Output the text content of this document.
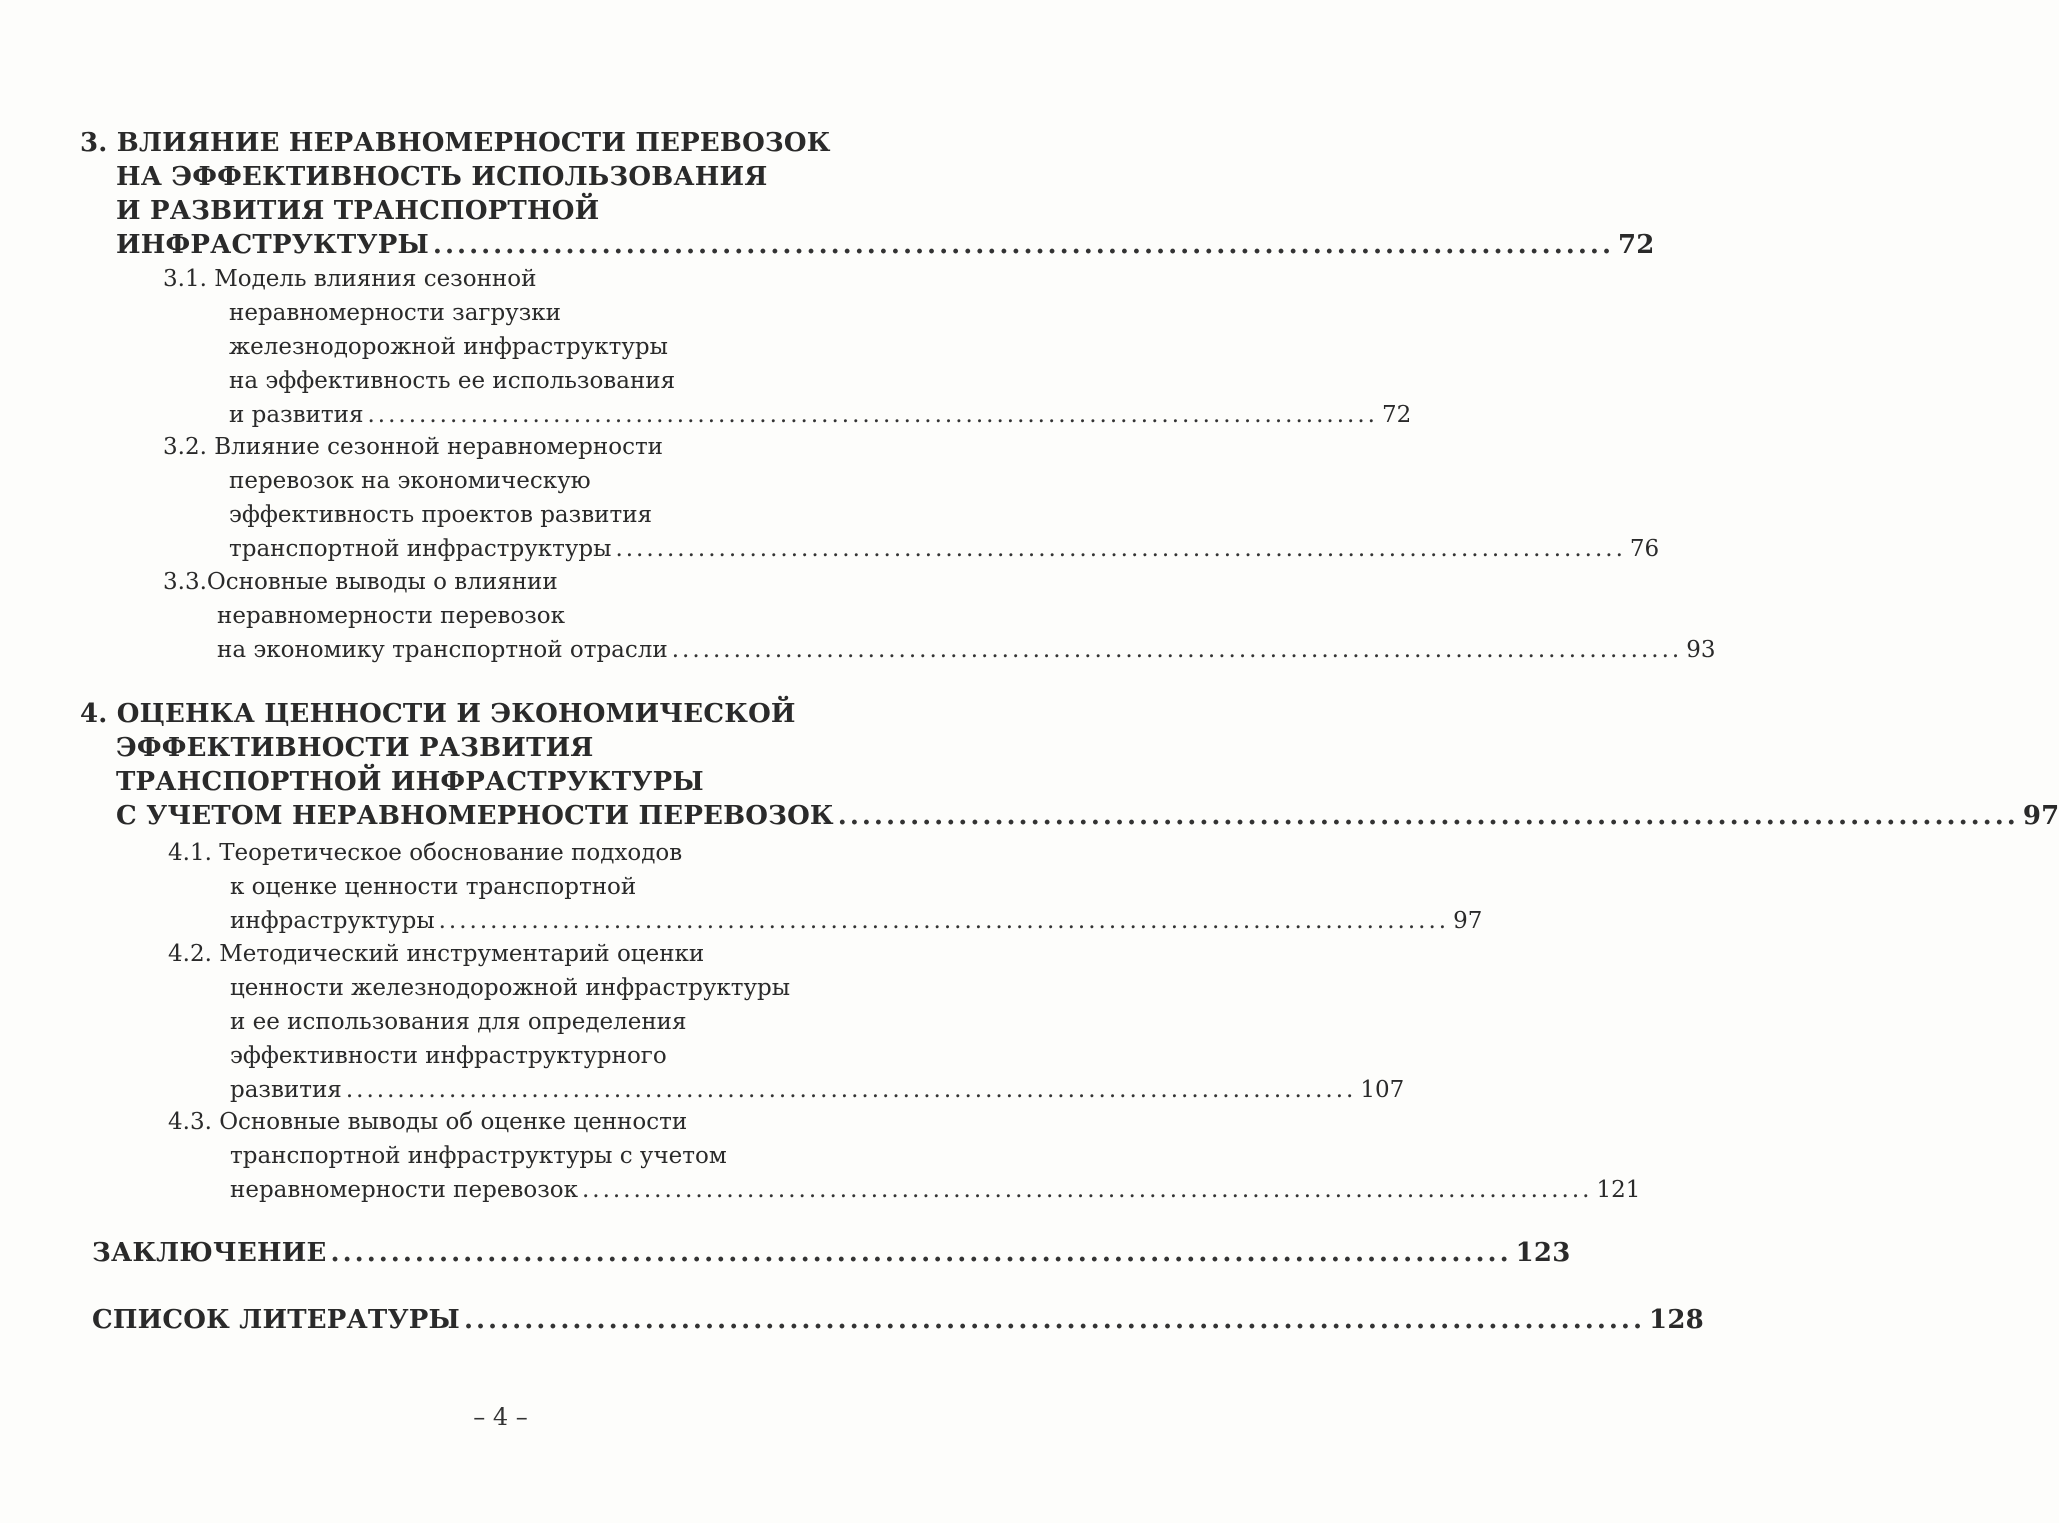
3. ВЛИЯНИЕ НЕРАВНОМЕРНОСТИ ПЕРЕВОЗОК
НА ЭФФЕКТИВНОСТЬ ИСПОЛЬЗОВАНИЯ
И РАЗВИТИЯ ТРАНСПОРТНОЙ
ИНФРАСТРУКТУРЫ .................................................................................................. 72
3.1. Модель влияния сезонной
неравномерности загрузки
железнодорожной инфраструктуры
на эффективность ее использования
и развития .................................................................................................. 72
3.2. Влияние сезонной неравномерности
перевозок на экономическую
эффективность проектов развития
транспортной инфраструктуры .................................................................................................. 76
3.3.Основные выводы о влиянии
неравномерности перевозок
на экономику транспортной отрасли .................................................................................................. 93
4. ОЦЕНКА ЦЕННОСТИ И ЭКОНОМИЧЕСКОЙ
ЭФФЕКТИВНОСТИ РАЗВИТИЯ
ТРАНСПОРТНОЙ ИНФРАСТРУКТУРЫ
С УЧЕТОМ НЕРАВНОМЕРНОСТИ ПЕРЕВОЗОК .................................................................................................. 97
4.1. Теоретическое обоснование подходов
к оценке ценности транспортной
инфраструктуры .................................................................................................. 97
4.2. Методический инструментарий оценки
ценности железнодорожной инфраструктуры
и ее использования для определения
эффективности инфраструктурного
развития .................................................................................................. 107
4.3. Основные выводы об оценке ценности
транспортной инфраструктуры с учетом
неравномерности перевозок .................................................................................................. 121
ЗАКЛЮЧЕНИЕ .................................................................................................. 123
СПИСОК ЛИТЕРАТУРЫ .................................................................................................. 128
– 4 –
